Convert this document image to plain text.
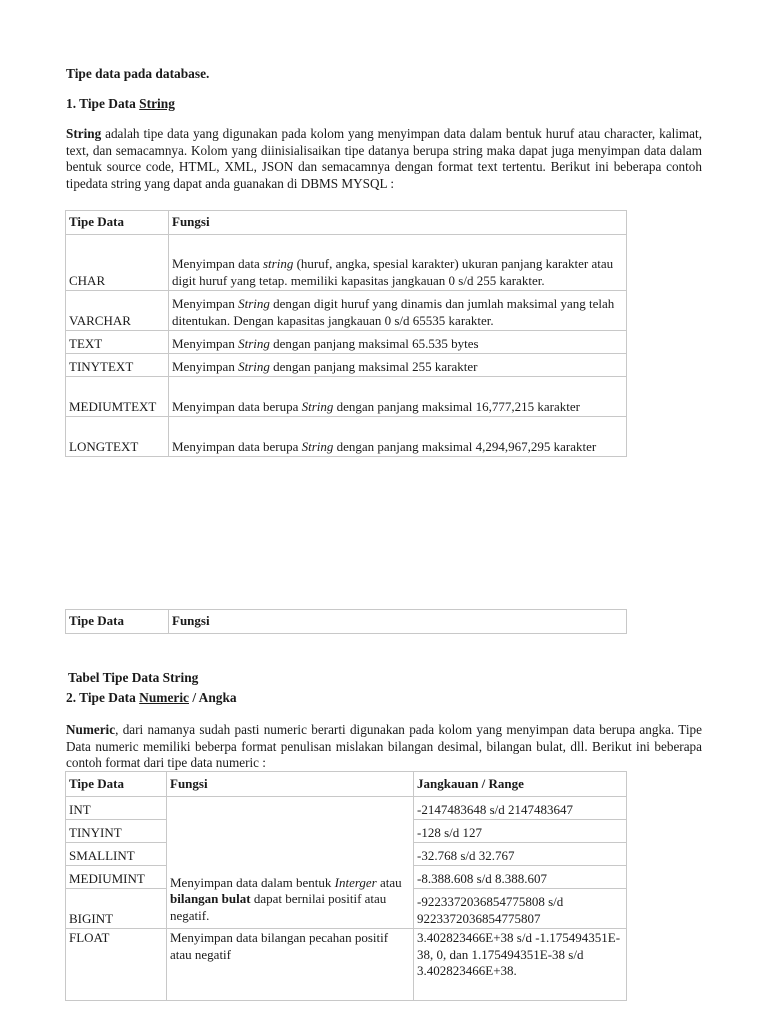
Tipe data pada database.
1. Tipe Data String
String adalah tipe data yang digunakan pada kolom yang menyimpan data dalam bentuk huruf atau character, kalimat, text, dan semacamnya. Kolom yang diinisialisaikan tipe datanya berupa string maka dapat juga menyimpan data dalam bentuk source code, HTML, XML, JSON dan semacamnya dengan format text tertentu. Berikut ini beberapa contoh tipedata string yang dapat anda guanakan di DBMS MYSQL :
Tipe Data	Fungsi
CHAR	Menyimpan data string (huruf, angka, spesial karakter) ukuran panjang karakter atau digit huruf yang tetap. memiliki kapasitas jangkauan 0 s/d 255 karakter.
VARCHAR	Menyimpan String dengan digit huruf yang dinamis dan jumlah maksimal yang telah ditentukan. Dengan kapasitas jangkauan 0 s/d 65535 karakter.
TEXT	Menyimpan String dengan panjang maksimal 65.535 bytes
TINYTEXT	Menyimpan String dengan panjang maksimal 255 karakter
MEDIUMTEXT	Menyimpan data berupa String dengan panjang maksimal 16,777,215 karakter
LONGTEXT	Menyimpan data berupa String dengan panjang maksimal 4,294,967,295 karakter
Tipe Data	Fungsi
Tabel Tipe Data String
2. Tipe Data Numeric / Angka
Numeric, dari namanya sudah pasti numeric berarti digunakan pada kolom yang menyimpan data berupa angka. Tipe Data numeric memiliki beberpa format penulisan mislakan bilangan desimal, bilangan bulat, dll. Berikut ini beberapa contoh format dari tipe data numeric :
Tipe Data	Fungsi	Jangkauan / Range
INT	Menyimpan data dalam bentuk Interger atau bilangan bulat dapat bernilai positif atau negatif.	-2147483648 s/d 2147483647
TINYINT		-128 s/d 127
SMALLINT		-32.768 s/d 32.767
MEDIUMINT		-8.388.608 s/d 8.388.607
BIGINT		-9223372036854775808 s/d 9223372036854775807
FLOAT	Menyimpan data bilangan pecahan positif atau negatif	3.402823466E+38 s/d -1.175494351E-38, 0, dan 1.175494351E-38 s/d 3.402823466E+38.
